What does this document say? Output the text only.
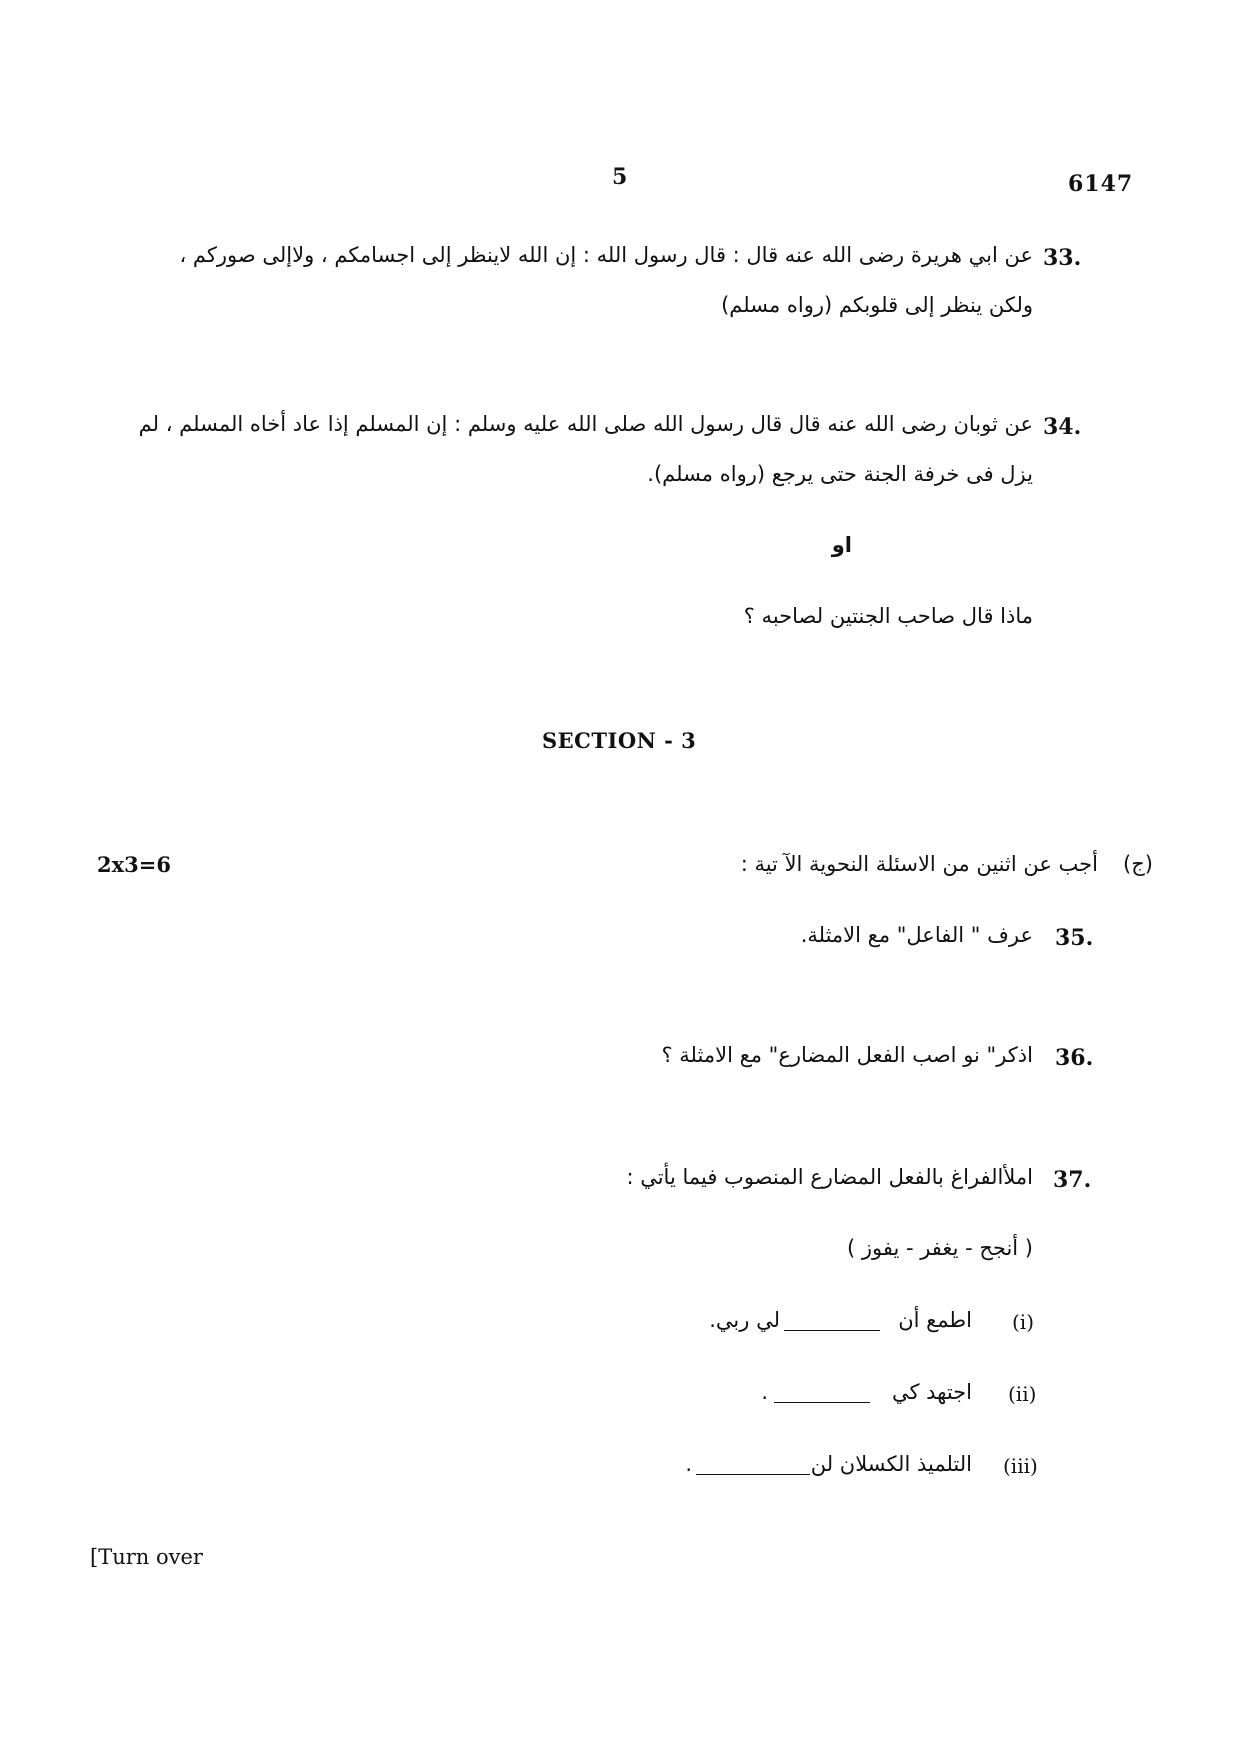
5	6147
33.
عن ابي هريرة رضى الله عنه قال : قال رسول الله : إن الله لاينظر إلى اجسامكم ، ولاإلى صوركم ،
ولكن ينظر إلى قلوبكم (رواه مسلم)
34.
عن ثوبان رضى الله عنه قال قال رسول الله صلى الله عليه وسلم : إن المسلم إذا عاد أخاه المسلم ، لم
يزل فى خرفة الجنة حتى يرجع (رواه مسلم).
او
ماذا قال صاحب الجنتين لصاحبه ؟
SECTION - 3
2x3=6	(ج)
أجب عن اثنين من الاسئلة النحوية الآ تية :
35.
عرف " الفاعل" مع الامثلة.
36.
اذكر" نو اصب الفعل المضارع" مع الامثلة ؟
37.
املأالفراغ بالفعل المضارع المنصوب فيما يأتي :
( أنجح - يغفر - يفوز )
(i)
اطمع أن
لي ربي.
(ii)
اجتهد كي
.
(iii)
التلميذ الكسلان لن
.
[Turn over
